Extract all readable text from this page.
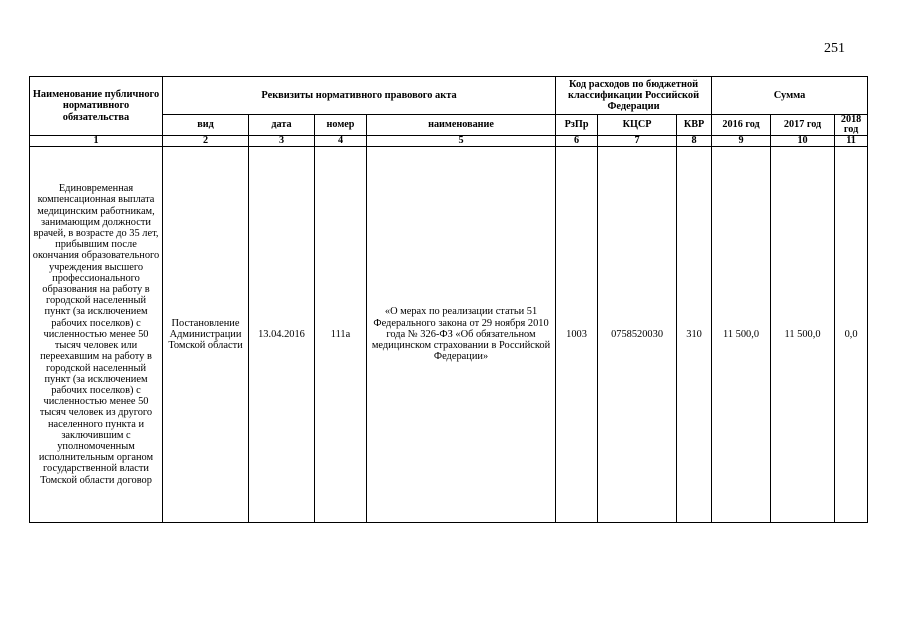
251
Наименование публичного нормативного обязательства	Реквизиты нормативного правового акта				Код расходов по бюджетной классификации Российской Федерации			Сумма		
	вид	дата	номер	наименование	РзПр	КЦСР	КВР	2016 год	2017 год	2018 год
1	2	3	4	5	6	7	8	9	10	11
Единовременная компенсационная выплата медицинским работникам, занимающим должности врачей, в возрасте до 35 лет, прибывшим после окончания образовательного учреждения высшего профессионального образования на работу в городской населенный пункт (за исключением рабочих поселков) с численностью менее 50 тысяч человек или переехавшим на работу в городской населенный пункт (за исключением рабочих поселков) с численностью менее 50 тысяч человек из другого населенного пункта и заключившим с уполномоченным исполнительным органом государственной власти Томской области договор	Постановление Администрации Томской области	13.04.2016	111а	«О мерах по реализации статьи 51 Федерального закона от 29 ноября 2010 года № 326-ФЗ «Об обязательном медицинском страховании в Российской Федерации»	1003	0758520030	310	11 500,0	11 500,0	0,0
